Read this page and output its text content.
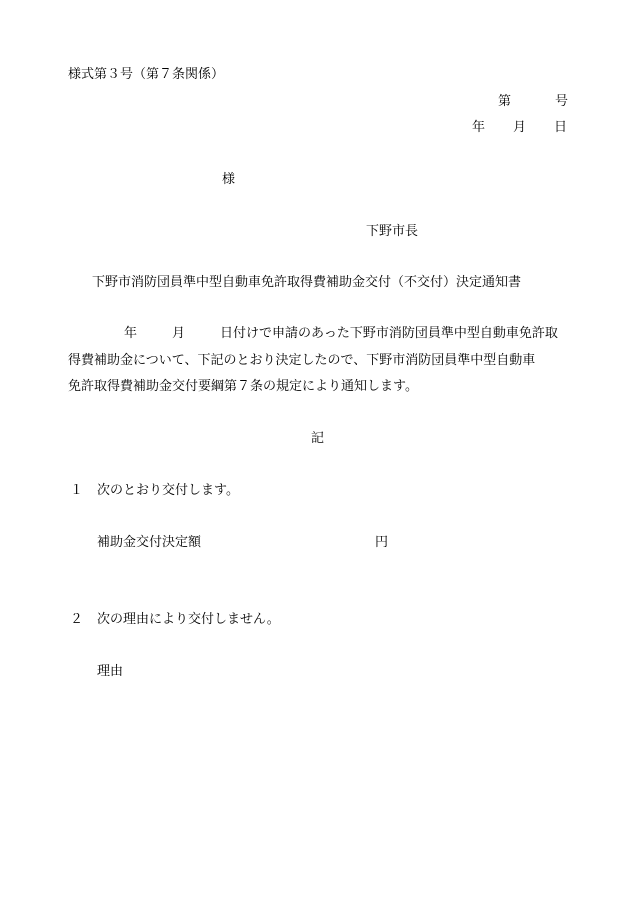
様式第３号（第７条関係）
第	号
年 月 日
様
下野市長
下野市消防団員準中型自動車免許取得費補助金交付（不交付）決定通知書
年	月	日付けで申請のあった下野市消防団員準中型自動車免許取
得費補助金について、下記のとおり決定したので、下野市消防団員準中型自動車
免許取得費補助金交付要綱第７条の規定により通知します。
記
１ 次のとおり交付します。
補助金交付決定額	円
２ 次の理由により交付しません。
理由
